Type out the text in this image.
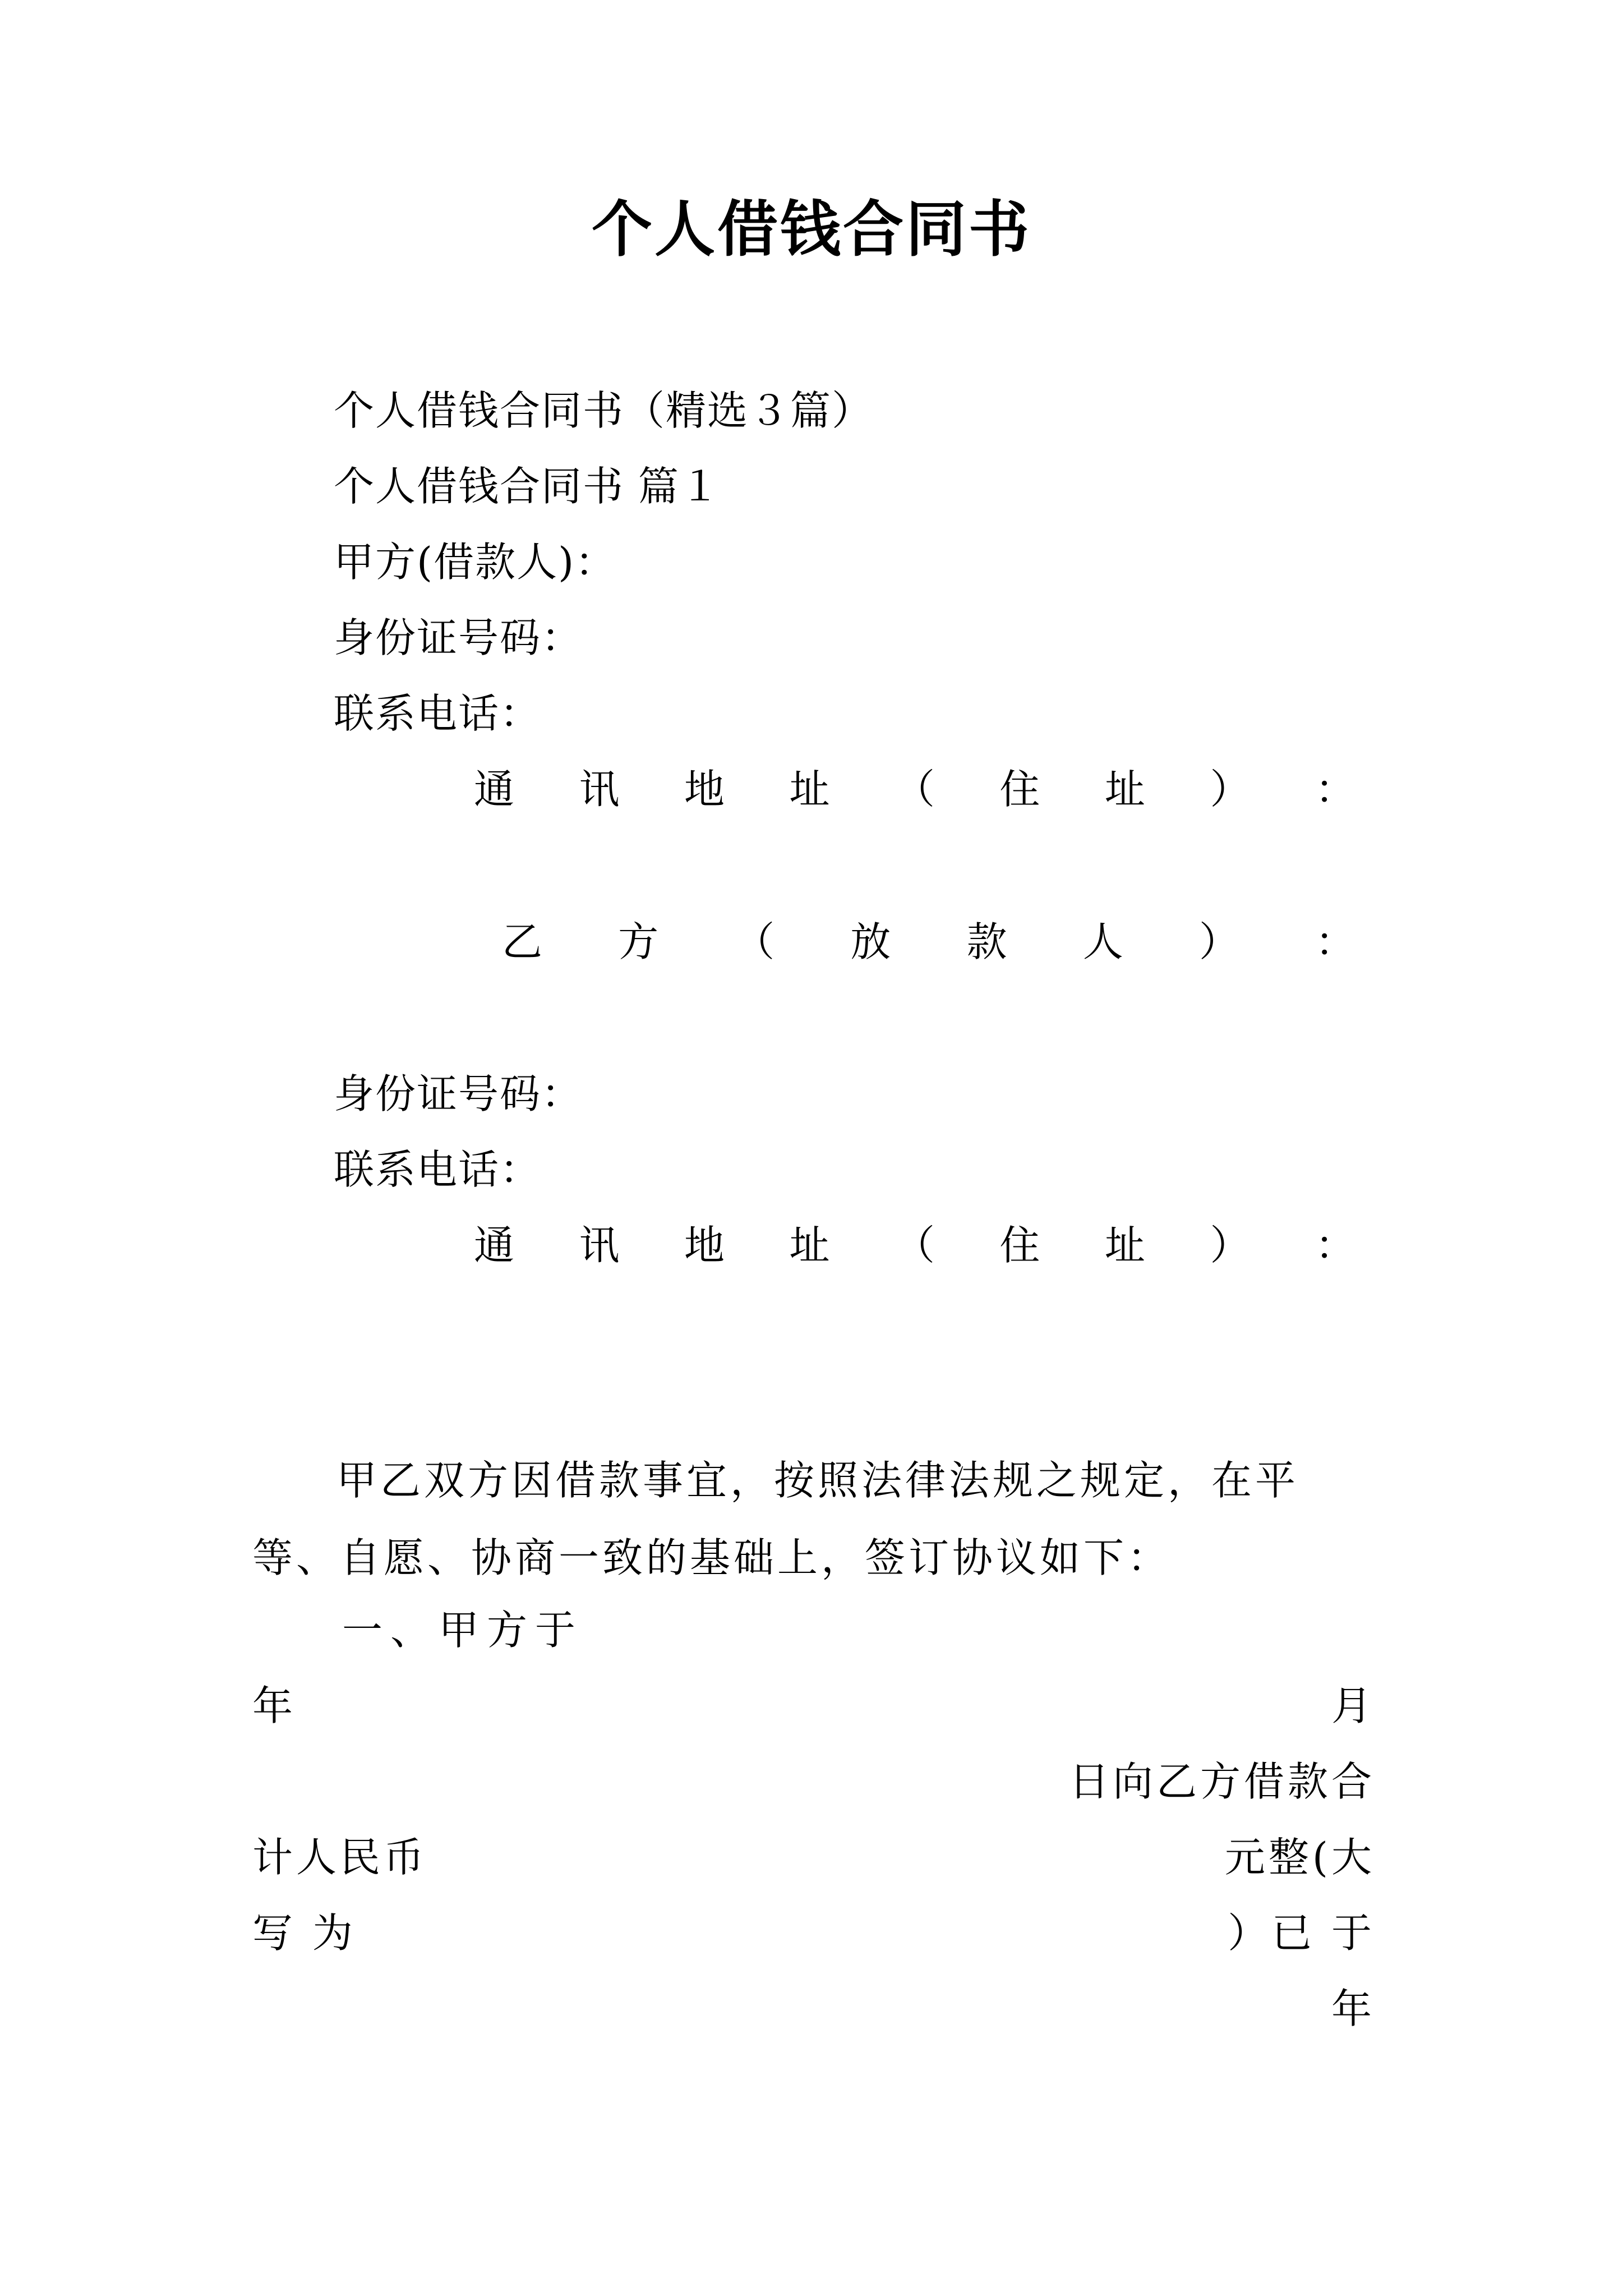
个人借钱合同书
个人借钱合同书（精选３篇）
个人借钱合同书 篇１
甲方(借款人)：
身份证号码：
联系电话：
通 讯 地 址 （ 住 址 ） ：
乙 方 （ 放 款 人 ） ：
身份证号码：
联系电话：
通 讯 地 址 （ 住 址 ） ：
甲乙双方因借款事宜，按照法律法规之规定，在平等、自愿、协商一致的基础上，签订协议如下：
一、甲方于
年	月
日向乙方借款合
计人民币	元整(大
写 为	）已 于
年
